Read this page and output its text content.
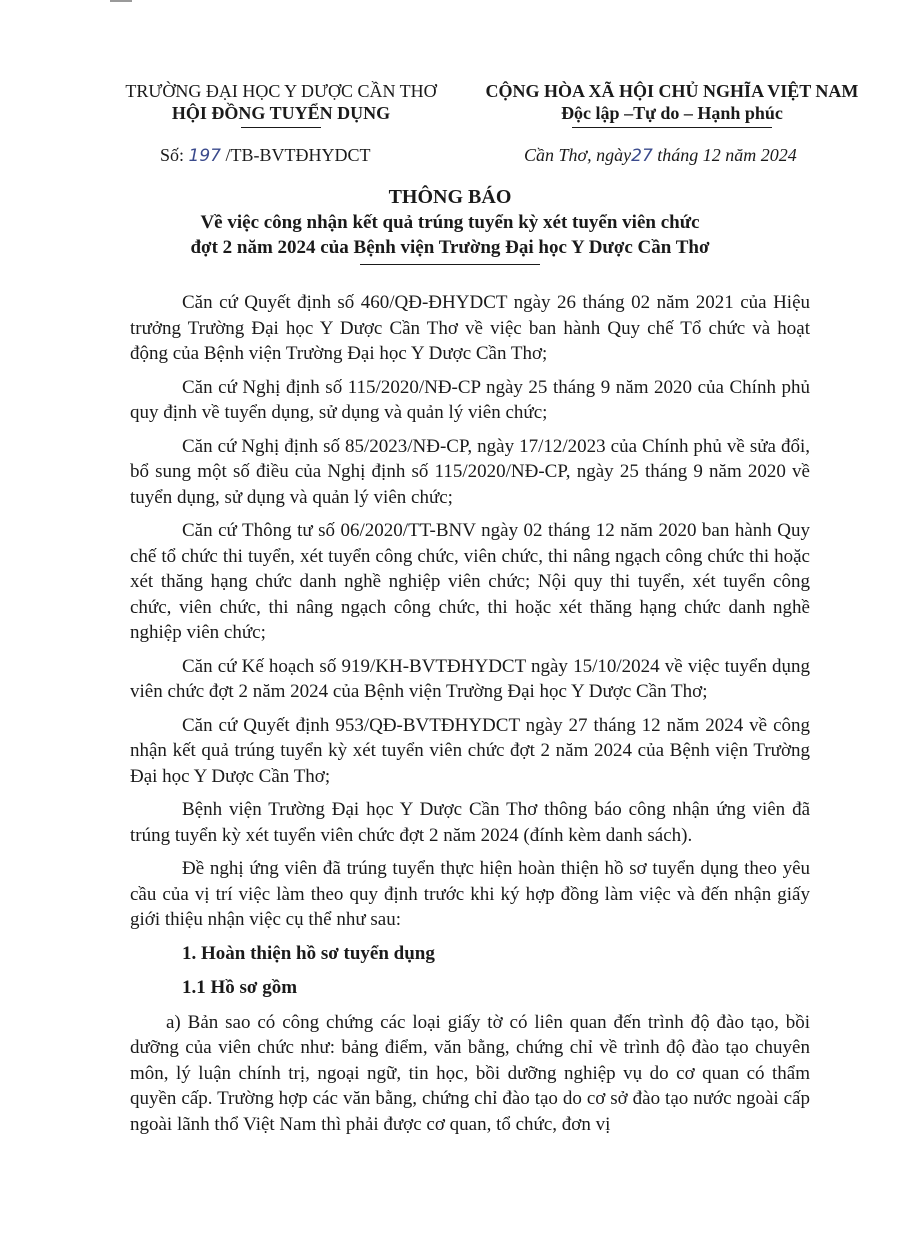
TRƯỜNG ĐẠI HỌC Y DƯỢC CẦN THƠ
HỘI ĐỒNG TUYỂN DỤNG
CỘNG HÒA XÃ HỘI CHỦ NGHĨA VIỆT NAM
Độc lập –Tự do – Hạnh phúc
Số: 197 /TB-BVTĐHYDCT	Cần Thơ, ngày27 tháng 12 năm 2024
THÔNG BÁO
Về việc công nhận kết quả trúng tuyển kỳ xét tuyển viên chức
đợt 2 năm 2024 của Bệnh viện Trường Đại học Y Dược Cần Thơ

Căn cứ Quyết định số 460/QĐ-ĐHYDCT ngày 26 tháng 02 năm 2021 của Hiệu trưởng Trường Đại học Y Dược Cần Thơ về việc ban hành Quy chế Tổ chức và hoạt động của Bệnh viện Trường Đại học Y Dược Cần Thơ;

Căn cứ Nghị định số 115/2020/NĐ-CP ngày 25 tháng 9 năm 2020 của Chính phủ quy định về tuyển dụng, sử dụng và quản lý viên chức;

Căn cứ Nghị định số 85/2023/NĐ-CP, ngày 17/12/2023 của Chính phủ về sửa đổi, bổ sung một số điều của Nghị định số 115/2020/NĐ-CP, ngày 25 tháng 9 năm 2020 về tuyển dụng, sử dụng và quản lý viên chức;

Căn cứ Thông tư số 06/2020/TT-BNV ngày 02 tháng 12 năm 2020 ban hành Quy chế tổ chức thi tuyển, xét tuyển công chức, viên chức, thi nâng ngạch công chức thi hoặc xét thăng hạng chức danh nghề nghiệp viên chức; Nội quy thi tuyển, xét tuyển công chức, viên chức, thi nâng ngạch công chức, thi hoặc xét thăng hạng chức danh nghề nghiệp viên chức;

Căn cứ Kế hoạch số 919/KH-BVTĐHYDCT ngày 15/10/2024 về việc tuyển dụng viên chức đợt 2 năm 2024 của Bệnh viện Trường Đại học Y Dược Cần Thơ;

Căn cứ Quyết định 953/QĐ-BVTĐHYDCT ngày 27 tháng 12 năm 2024 về công nhận kết quả trúng tuyển kỳ xét tuyển viên chức đợt 2 năm 2024 của Bệnh viện Trường Đại học Y Dược Cần Thơ;

Bệnh viện Trường Đại học Y Dược Cần Thơ thông báo công nhận ứng viên đã trúng tuyển kỳ xét tuyển viên chức đợt 2 năm 2024 (đính kèm danh sách).

Đề nghị ứng viên đã trúng tuyển thực hiện hoàn thiện hồ sơ tuyển dụng theo yêu cầu của vị trí việc làm theo quy định trước khi ký hợp đồng làm việc và đến nhận giấy giới thiệu nhận việc cụ thể như sau:

1. Hoàn thiện hồ sơ tuyển dụng

1.1 Hồ sơ gồm

a) Bản sao có công chứng các loại giấy tờ có liên quan đến trình độ đào tạo, bồi dưỡng của viên chức như: bảng điểm, văn bằng, chứng chỉ về trình độ đào tạo chuyên môn, lý luận chính trị, ngoại ngữ, tin học, bồi dưỡng nghiệp vụ do cơ quan có thẩm quyền cấp. Trường hợp các văn bằng, chứng chỉ đào tạo do cơ sở đào tạo nước ngoài cấp ngoài lãnh thổ Việt Nam thì phải được cơ quan, tổ chức, đơn vị
